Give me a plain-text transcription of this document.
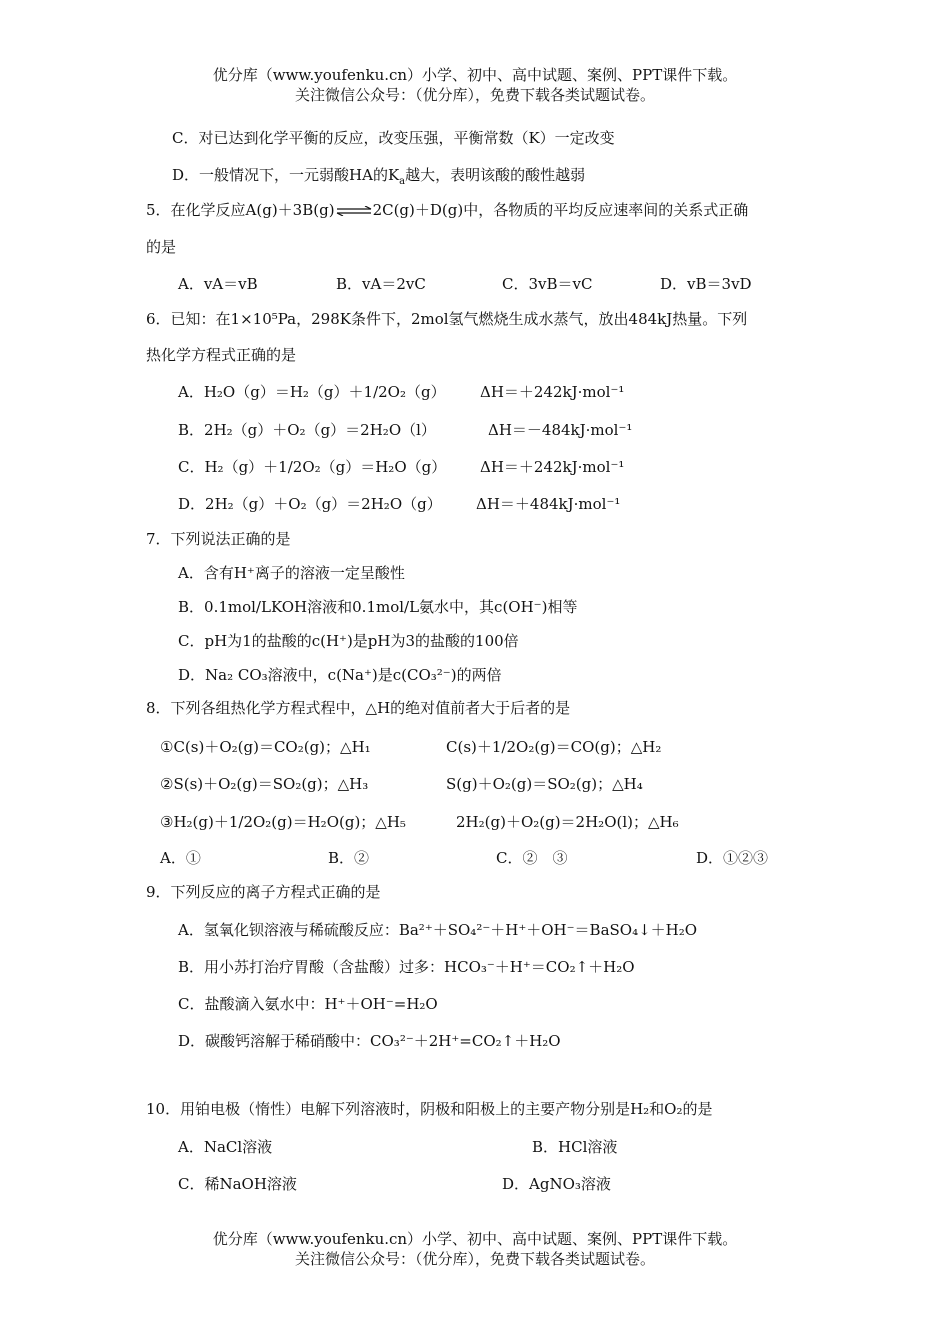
优分库（www.youfenku.cn）小学、初中、高中试题、案例、PPT课件下载。
关注微信公众号：（优分库），免费下载各类试题试卷。
C．对已达到化学平衡的反应，改变压强，平衡常数（K）一定改变
D．一般情况下，一元弱酸HA的$K_a$越大，表明该酸的酸性越弱
5．在化学反应A(g)＋3B(g)⇌2C(g)＋D(g)中，各物质的平均反应速率间的关系式正确
的是
A．vA＝vB	B．vA＝2vC	C．3vB＝vC	D．vB＝3vD
6．已知：在1×10⁵Pa，298K条件下，2mol氢气燃烧生成水蒸气，放出484kJ热量。下列
热化学方程式正确的是
A．H₂O（g）＝H₂（g）＋1/2O₂（g） ΔH＝＋242kJ·mol⁻¹
B．2H₂（g）＋O₂（g）＝2H₂O（l）	ΔH＝－484kJ·mol⁻¹
C．H₂（g）＋1/2O₂（g）＝H₂O（g） ΔH＝＋242kJ·mol⁻¹
D．2H₂（g）＋O₂（g）＝2H₂O（g） ΔH＝＋484kJ·mol⁻¹
7．下列说法正确的是
A．含有H⁺离子的溶液一定呈酸性
B．0.1mol/LKOH溶液和0.1mol/L氨水中，其c(OH⁻)相等
C．pH为1的盐酸的c(H⁺)是pH为3的盐酸的100倍
D．Na₂ CO₃溶液中，c(Na⁺)是c(CO₃²⁻)的两倍
8．下列各组热化学方程式程中，△H的绝对值前者大于后者的是
①C(s)＋O₂(g)＝CO₂(g)；△H₁	C(s)＋1/2O₂(g)＝CO(g)；△H₂
②S(s)＋O₂(g)＝SO₂(g)；△H₃	S(g)＋O₂(g)＝SO₂(g)；△H₄
③H₂(g)＋1/2O₂(g)＝H₂O(g)；△H₅	2H₂(g)＋O₂(g)＝2H₂O(l)；△H₆
A．①	B．②	C．②　③	D．①②③
9．下列反应的离子方程式正确的是
A．氢氧化钡溶液与稀硫酸反应：Ba²⁺＋SO₄²⁻＋H⁺＋OH⁻＝BaSO₄↓＋H₂O
B．用小苏打治疗胃酸（含盐酸）过多：HCO₃⁻＋H⁺＝CO₂↑＋H₂O
C．盐酸滴入氨水中：H⁺＋OH⁻=H₂O
D．碳酸钙溶解于稀硝酸中：CO₃²⁻＋2H⁺=CO₂↑＋H₂O
10．用铂电极（惰性）电解下列溶液时，阴极和阳极上的主要产物分别是H₂和O₂的是
A．NaCl溶液	B．HCl溶液
C．稀NaOH溶液	D．AgNO₃溶液
优分库（www.youfenku.cn）小学、初中、高中试题、案例、PPT课件下载。
关注微信公众号：（优分库），免费下载各类试题试卷。
